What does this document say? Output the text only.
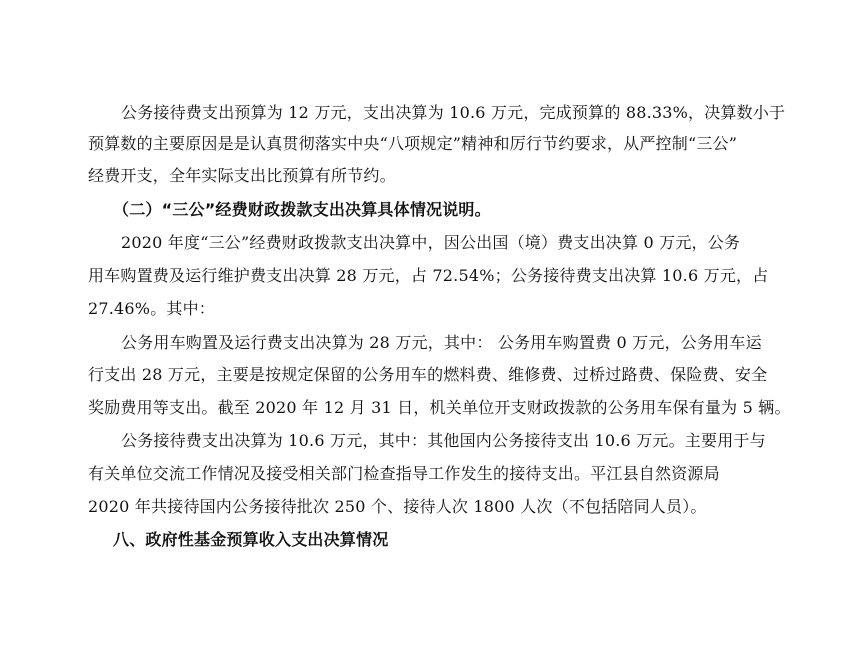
公务接待费支出预算为 12 万元，支出决算为 10.6 万元，完成预算的 88.33%，决算数小于
预算数的主要原因是是认真贯彻落实中央“八项规定”精神和厉行节约要求，从严控制“三公”
经费开支，全年实际支出比预算有所节约。
（二）“三公”经费财政拨款支出决算具体情况说明。
2020 年度“三公”经费财政拨款支出决算中，因公出国（境）费支出决算 0 万元，公务
用车购置费及运行维护费支出决算 28 万元，占 72.54%；公务接待费支出决算 10.6 万元，占
27.46%。其中：
公务用车购置及运行费支出决算为 28 万元，其中： 公务用车购置费 0 万元，公务用车运
行支出 28 万元，主要是按规定保留的公务用车的燃料费、维修费、过桥过路费、保险费、安全
奖励费用等支出。截至 2020 年 12 月 31 日，机关单位开支财政拨款的公务用车保有量为 5 辆。
公务接待费支出决算为 10.6 万元，其中：其他国内公务接待支出 10.6 万元。主要用于与
有关单位交流工作情况及接受相关部门检查指导工作发生的接待支出。平江县自然资源局
2020 年共接待国内公务接待批次 250 个、接待人次 1800 人次（不包括陪同人员）。
八、政府性基金预算收入支出决算情况
